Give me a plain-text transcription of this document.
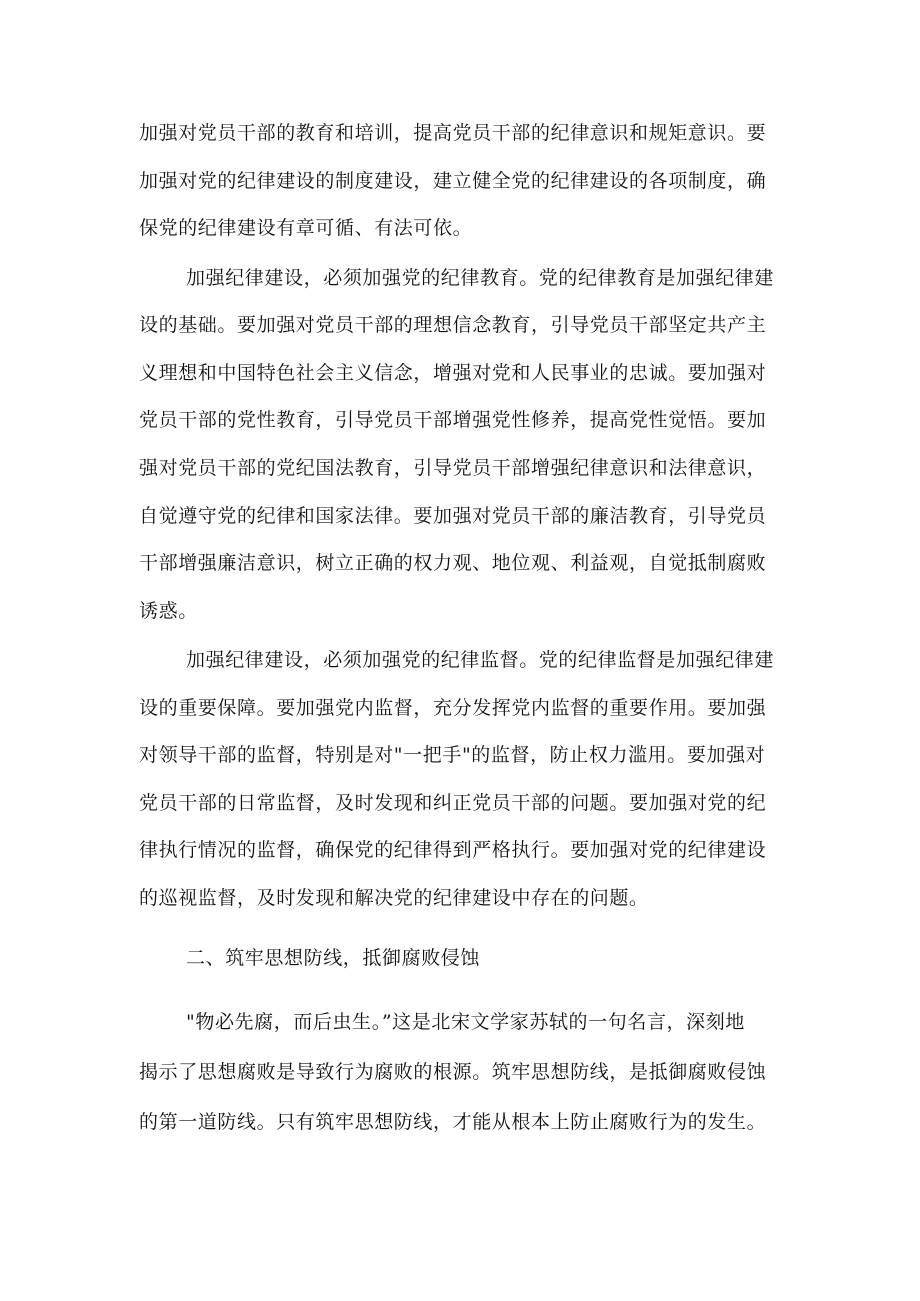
加强对党员干部的教育和培训，提高党员干部的纪律意识和规矩意识。要
加强对党的纪律建设的制度建设，建立健全党的纪律建设的各项制度，确
保党的纪律建设有章可循、有法可依。
加强纪律建设，必须加强党的纪律教育。党的纪律教育是加强纪律建
设的基础。要加强对党员干部的理想信念教育，引导党员干部坚定共产主
义理想和中国特色社会主义信念，增强对党和人民事业的忠诚。要加强对
党员干部的党性教育，引导党员干部增强党性修养，提高党性觉悟。要加
强对党员干部的党纪国法教育，引导党员干部增强纪律意识和法律意识，
自觉遵守党的纪律和国家法律。要加强对党员干部的廉洁教育，引导党员
干部增强廉洁意识，树立正确的权力观、地位观、利益观，自觉抵制腐败
诱惑。
加强纪律建设，必须加强党的纪律监督。党的纪律监督是加强纪律建
设的重要保障。要加强党内监督，充分发挥党内监督的重要作用。要加强
对领导干部的监督，特别是对"一把手"的监督，防止权力滥用。要加强对
党员干部的日常监督，及时发现和纠正党员干部的问题。要加强对党的纪
律执行情况的监督，确保党的纪律得到严格执行。要加强对党的纪律建设
的巡视监督，及时发现和解决党的纪律建设中存在的问题。
二、筑牢思想防线，抵御腐败侵蚀
"物必先腐，而后虫生。”这是北宋文学家苏轼的一句名言，深刻地
揭示了思想腐败是导致行为腐败的根源。筑牢思想防线，是抵御腐败侵蚀
的第一道防线。只有筑牢思想防线，才能从根本上防止腐败行为的发生。
